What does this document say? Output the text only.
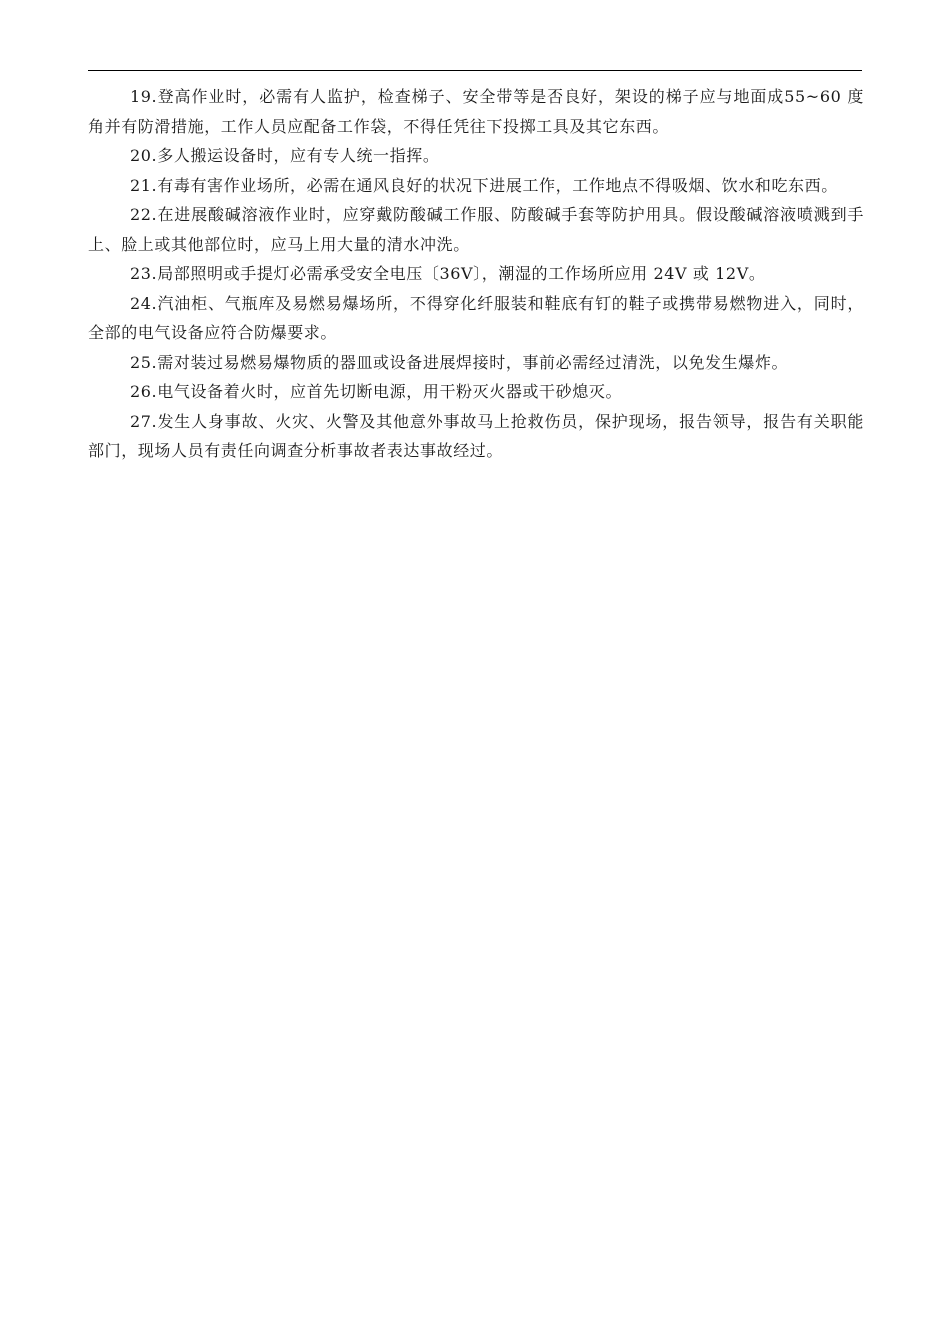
19.登高作业时，必需有人监护，检查梯子、安全带等是否良好，架设的梯子应与地面成55~60 度角并有防滑措施，工作人员应配备工作袋，不得任凭往下投掷工具及其它东西。

20.多人搬运设备时，应有专人统一指挥。

21.有毒有害作业场所，必需在通风良好的状况下进展工作，工作地点不得吸烟、饮水和吃东西。

22.在进展酸碱溶液作业时，应穿戴防酸碱工作服、防酸碱手套等防护用具。假设酸碱溶液喷溅到手上、脸上或其他部位时，应马上用大量的清水冲洗。

23.局部照明或手提灯必需承受安全电压〔36V〕，潮湿的工作场所应用 24V 或 12V。

24.汽油柜、气瓶库及易燃易爆场所，不得穿化纤服装和鞋底有钉的鞋子或携带易燃物进入，同时，全部的电气设备应符合防爆要求。

25.需对装过易燃易爆物质的器皿或设备进展焊接时，事前必需经过清洗，以免发生爆炸。

26.电气设备着火时，应首先切断电源，用干粉灭火器或干砂熄灭。

27.发生人身事故、火灾、火警及其他意外事故马上抢救伤员，保护现场，报告领导，报告有关职能部门，现场人员有责任向调查分析事故者表达事故经过。
